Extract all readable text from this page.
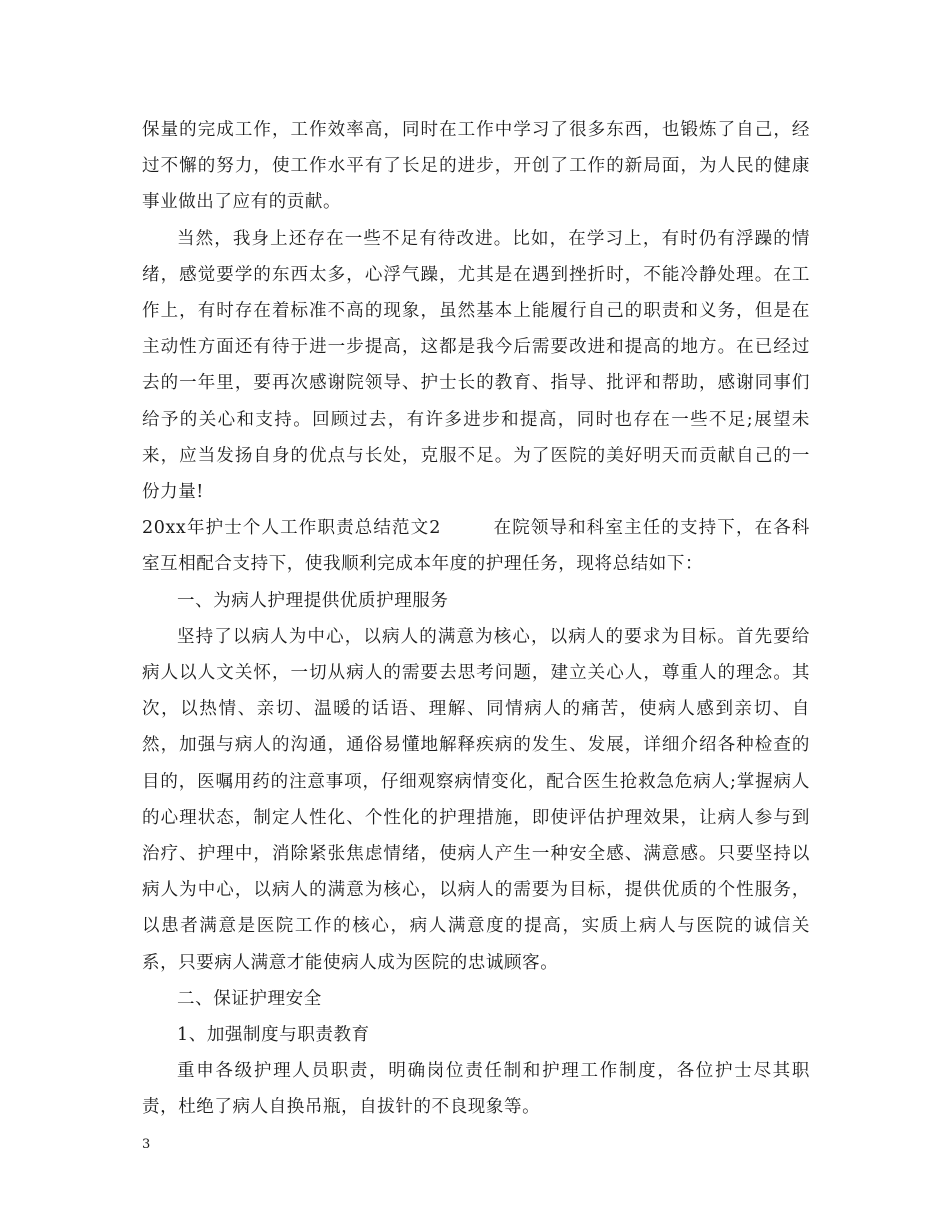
保量的完成工作，工作效率高，同时在工作中学习了很多东西，也锻炼了自己，经过不懈的努力，使工作水平有了长足的进步，开创了工作的新局面，为人民的健康事业做出了应有的贡献。

当然，我身上还存在一些不足有待改进。比如，在学习上，有时仍有浮躁的情绪，感觉要学的东西太多，心浮气躁，尤其是在遇到挫折时，不能冷静处理。在工作上，有时存在着标准不高的现象，虽然基本上能履行自己的职责和义务，但是在主动性方面还有待于进一步提高，这都是我今后需要改进和提高的地方。在已经过去的一年里，要再次感谢院领导、护士长的教育、指导、批评和帮助，感谢同事们给予的关心和支持。回顾过去，有许多进步和提高，同时也存在一些不足;展望未来，应当发扬自身的优点与长处，克服不足。为了医院的美好明天而贡献自己的一份力量!

20xx年护士个人工作职责总结范文2	在院领导和科室主任的支持下，在各科室互相配合支持下，使我顺利完成本年度的护理任务，现将总结如下：

一、为病人护理提供优质护理服务

坚持了以病人为中心，以病人的满意为核心，以病人的要求为目标。首先要给病人以人文关怀，一切从病人的需要去思考问题，建立关心人，尊重人的理念。其次，以热情、亲切、温暖的话语、理解、同情病人的痛苦，使病人感到亲切、自然，加强与病人的沟通，通俗易懂地解释疾病的发生、发展，详细介绍各种检查的目的，医嘱用药的注意事项，仔细观察病情变化，配合医生抢救急危病人;掌握病人的心理状态，制定人性化、个性化的护理措施，即使评估护理效果，让病人参与到治疗、护理中，消除紧张焦虑情绪，使病人产生一种安全感、满意感。只要坚持以病人为中心，以病人的满意为核心，以病人的需要为目标，提供优质的个性服务，以患者满意是医院工作的核心，病人满意度的提高，实质上病人与医院的诚信关系，只要病人满意才能使病人成为医院的忠诚顾客。

二、保证护理安全

1、加强制度与职责教育

重申各级护理人员职责，明确岗位责任制和护理工作制度，各位护士尽其职责，杜绝了病人自换吊瓶，自拔针的不良现象等。

3
